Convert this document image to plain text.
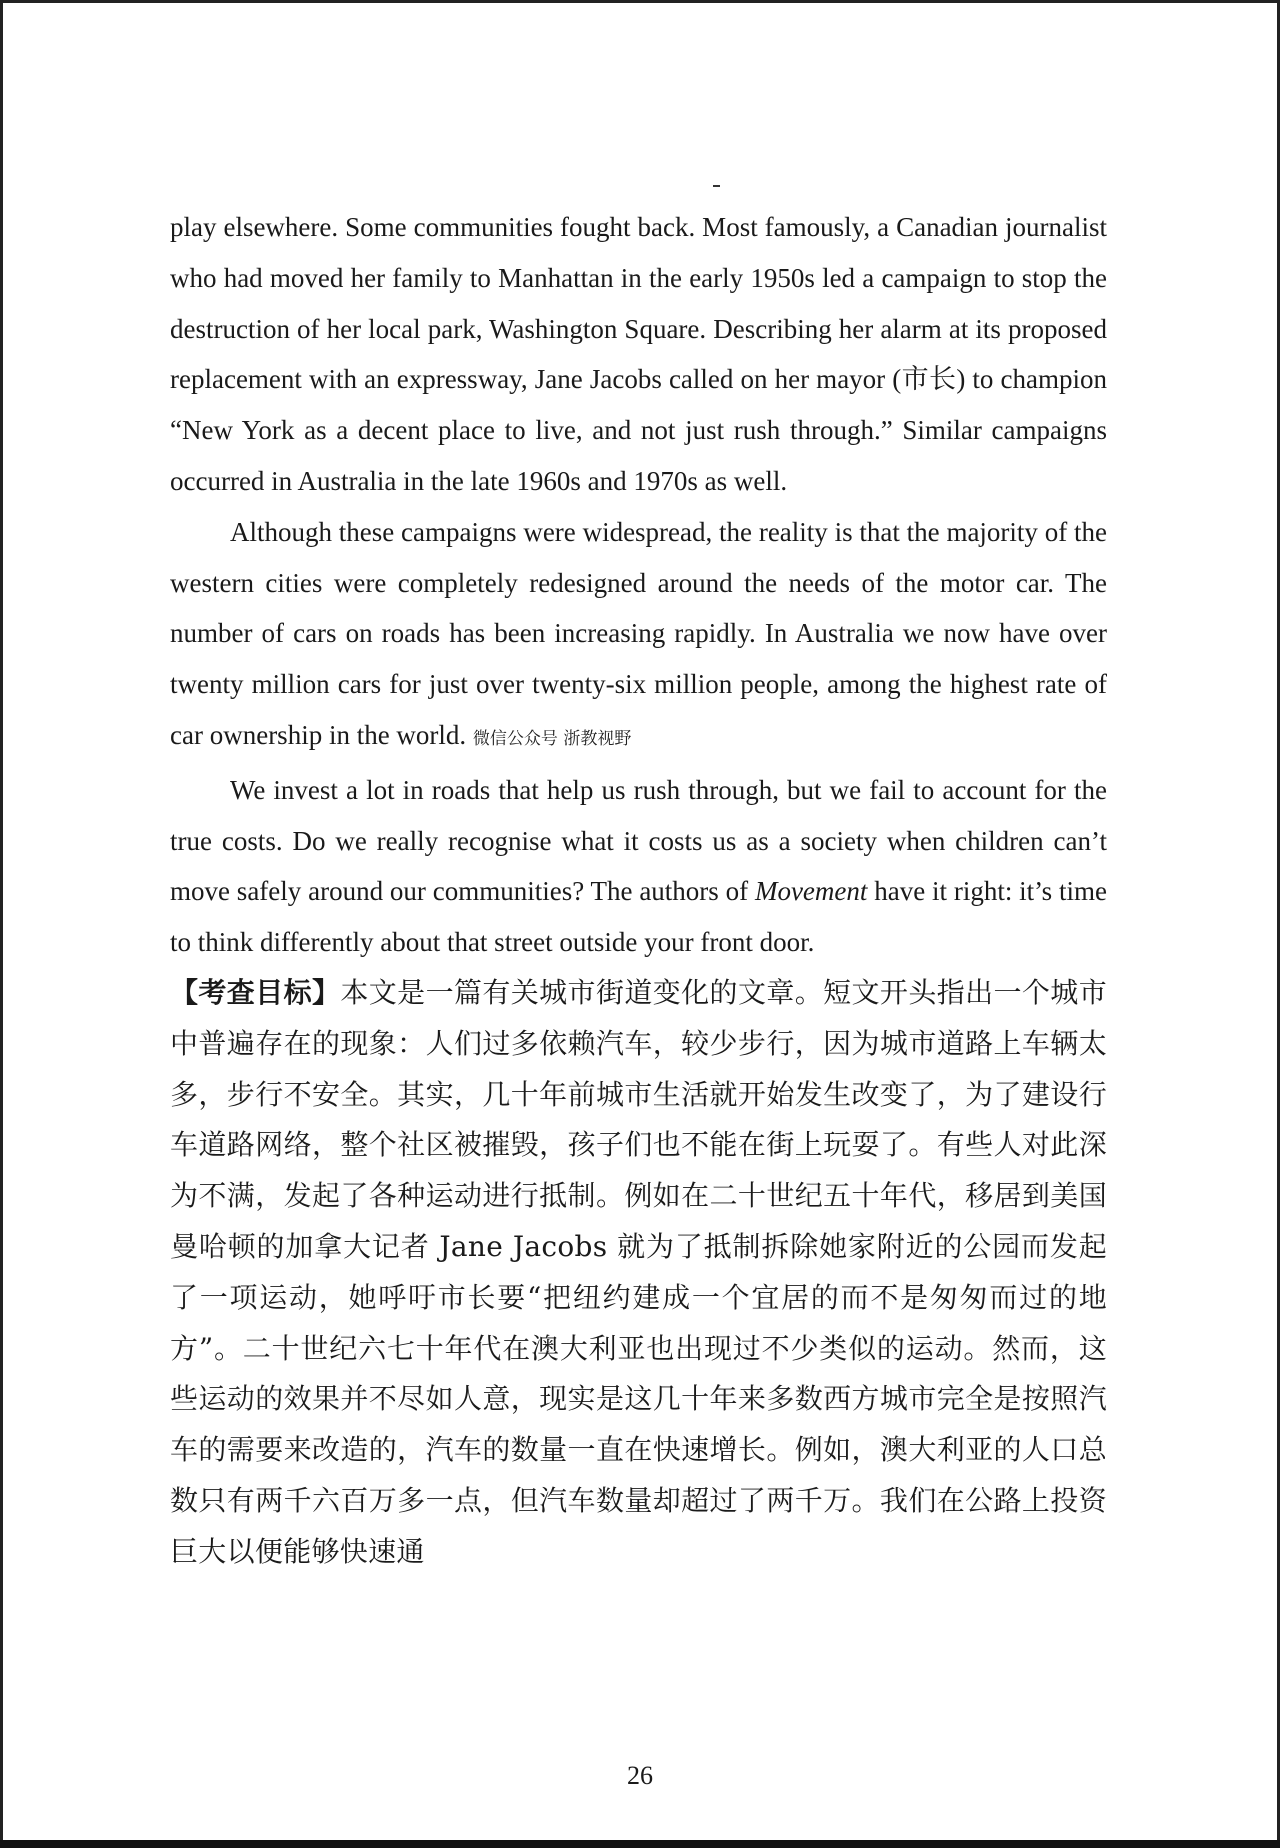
play elsewhere. Some communities fought back. Most famously, a Canadian journalist who had moved her family to Manhattan in the early 1950s led a campaign to stop the destruction of her local park, Washington Square. Describing her alarm at its proposed replacement with an expressway, Jane Jacobs called on her mayor (市长) to champion “New York as a decent place to live, and not just rush through.” Similar campaigns occurred in Australia in the late 1960s and 1970s as well.

Although these campaigns were widespread, the reality is that the majority of the western cities were completely redesigned around the needs of the motor car. The number of cars on roads has been increasing rapidly. In Australia we now have over twenty million cars for just over twenty-six million people, among the highest rate of car ownership in the world. 微信公众号 浙教视野

We invest a lot in roads that help us rush through, but we fail to account for the true costs. Do we really recognise what it costs us as a society when children can’t move safely around our communities? The authors of Movement have it right: it’s time to think differently about that street outside your front door.

【考查目标】本文是一篇有关城市街道变化的文章。短文开头指出一个城市中普遍存在的现象：人们过多依赖汽车，较少步行，因为城市道路上车辆太多，步行不安全。其实，几十年前城市生活就开始发生改变了，为了建设行车道路网络，整个社区被摧毁，孩子们也不能在街上玩耍了。有些人对此深为不满，发起了各种运动进行抵制。例如在二十世纪五十年代，移居到美国曼哈顿的加拿大记者 Jane Jacobs 就为了抵制拆除她家附近的公园而发起了一项运动，她呼吁市长要“把纽约建成一个宜居的而不是匆匆而过的地方”。二十世纪六七十年代在澳大利亚也出现过不少类似的运动。然而，这些运动的效果并不尽如人意，现实是这几十年来多数西方城市完全是按照汽车的需要来改造的，汽车的数量一直在快速增长。例如，澳大利亚的人口总数只有两千六百万多一点，但汽车数量却超过了两千万。我们在公路上投资巨大以便能够快速通

26
